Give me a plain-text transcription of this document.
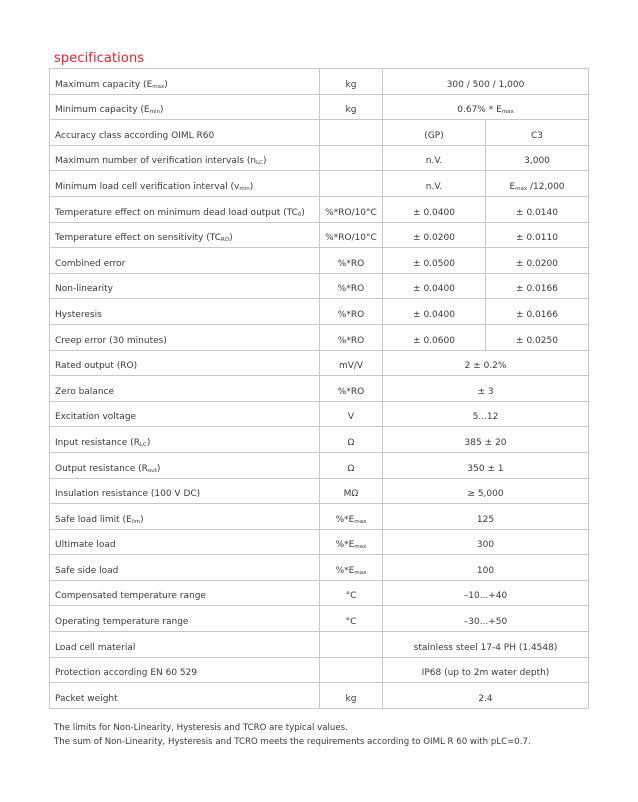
specifications
Maximum capacity (Emax)	kg	300 / 500 / 1,000	
Minimum capacity (Emin)	kg	0.67% * Emax	
Accuracy class according OIML R60		(GP)	C3
Maximum number of verification intervals (nLC)		n.V.	3,000
Minimum load cell verification interval (vmin)		n.V.	Emax /12,000
Temperature effect on minimum dead load output (TC0)	%*RO/10°C	± 0.0400	± 0.0140
Temperature effect on sensitivity (TCRO)	%*RO/10°C	± 0.0200	± 0.0110
Combined error	%*RO	± 0.0500	± 0.0200
Non-linearity	%*RO	± 0.0400	± 0.0166
Hysteresis	%*RO	± 0.0400	± 0.0166
Creep error (30 minutes)	%*RO	± 0.0600	± 0.0250
Rated output (RO)	mV/V	2 ± 0.2%	
Zero balance	%*RO	± 3	
Excitation voltage	V	5...12	
Input resistance (RLC)	Ω	385 ± 20	
Output resistance (Rout)	Ω	350 ± 1	
Insulation resistance (100 V DC)	MΩ	≥ 5,000	
Safe load limit (Elim)	%*Emax	125	
Ultimate load	%*Emax	300	
Safe side load	%*Emax	100	
Compensated temperature range	°C	–10...+40	
Operating temperature range	°C	–30...+50	
Load cell material		stainless steel 17-4 PH (1.4548)	
Protection according EN 60 529		IP68 (up to 2m water depth)	
Packet weight	kg	2.4	
The limits for Non-Linearity, Hysteresis and TCRO are typical values.
The sum of Non-Linearity, Hysteresis and TCRO meets the requirements according to OIML R 60 with pLC=0.7.
